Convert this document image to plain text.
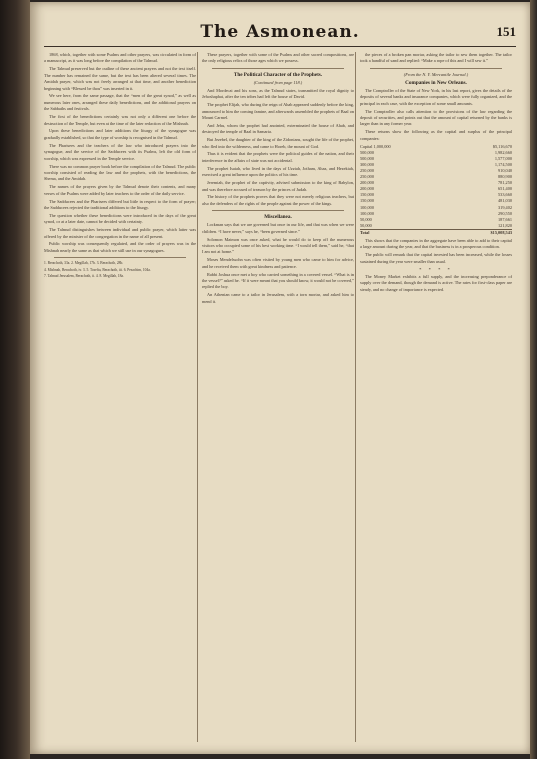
The Asmonean.	151

1868, which, together with some Psalms and other prayers, was circulated in form of a manuscript, as it was long before the compilation of the Talmud.

The Talmud preserved but the outline of these ancient prayers and not the text itself. The number has remained the same, but the text has been altered several times. The Amidah prayer, which was not freely arranged at that time, and another benediction beginning with “Blessed be thou” was inserted in it.

We see here, from the same passage, that the “men of the great synod,” as well as numerous later ones, arranged these daily benedictions, and the additional prayers on the Sabbaths and festivals.

The first of the benedictions certainly was not only a different one before the destruction of the Temple, but even at the time of the later redaction of the Mishnah.

Upon these benedictions and later additions the liturgy of the synagogue was gradually established, so that the type of worship is recognised in the Talmud.

The Pharisees and the teachers of the law who introduced prayers into the synagogue, and the service of the Sadducees with its Psalms, left the old form of worship, which was expressed in the Temple service.

There was no common prayer book before the compilation of the Talmud. The public worship consisted of reading the law and the prophets, with the benedictions, the Shema, and the Amidah.

The names of the prayers given by the Talmud denote their contents, and many verses of the Psalms were added by later teachers to the order of the daily service.

The Sadducees and the Pharisees differed but little in respect to the form of prayer; the Sadducees rejected the traditional additions to the liturgy.

The question whether these benedictions were introduced in the days of the great synod, or at a later date, cannot be decided with certainty.

The Talmud distinguishes between individual and public prayer, which latter was offered by the minister of the congregation in the name of all present.

Public worship was consequently regulated, and the order of prayers was in the Mishnah nearly the same as that which we still use in our synagogues.

1. Berachoth, 33a. 2. Megillah, 17b. 3. Berachoth, 28b.

4. Mishnah, Berachoth, iv. 3. 5. Tosefta, Berachoth, iii. 6. Pesachim, 104a.

7. Talmud Jerusalem, Berachoth, ii. 4. 8. Megillah, 18a.

These prayers, together with some of the Psalms and other sacred compositions, are the only religious relics of those ages which we possess.

The Political Character of the Prophets.
(Continued from page 118.)

And Mordecai and his sons, as the Talmud states, transmitted the royal dignity to Jehoshaphat, after the ten tribes had left the house of David.

The prophet Elijah, who during the reign of Ahab appeared suddenly before the king, announced to him the coming famine, and afterwards assembled the prophets of Baal on Mount Carmel.

And Jehu, whom the prophet had anointed, exterminated the house of Ahab, and destroyed the temple of Baal in Samaria.

But Jezebel, the daughter of the king of the Zidonians, sought the life of the prophet, who fled into the wilderness, and came to Horeb, the mount of God.

Thus it is evident that the prophets were the political guides of the nation, and their interference in the affairs of state was not accidental.

The prophet Isaiah, who lived in the days of Uzziah, Jotham, Ahaz, and Hezekiah, exercised a great influence upon the politics of his time.

Jeremiah, the prophet of the captivity, advised submission to the king of Babylon, and was therefore accused of treason by the princes of Judah.

The history of the prophets proves that they were not merely religious teachers, but also the defenders of the rights of the people against the power of the kings.

Miscellanea.

Lockman says that we are governed but once in our life, and that was when we were children. “I have never,” says he, “been governed since.”

Solomon Maimon was once asked, what he would do to keep off the numerous visitors who occupied some of his best working time. “I would tell them,” said he, “that I am not at home.”

Moses Mendelssohn was often visited by young men who came to him for advice, and he received them with great kindness and patience.

Rabbi Joshua once met a boy who carried something in a covered vessel. “What is in the vessel?” asked he. “If it were meant that you should know, it would not be covered,” replied the boy.

An Athenian came to a tailor in Jerusalem, with a torn mortar, and asked him to mend it.

the pieces of a broken pan mortar, asking the tailor to sew them together. The tailor took a handful of sand and replied: “Make a rope of this and I will sew it.”

(From the N. Y. Mercantile Journal.)
Companies in New Orleans.

The Comptroller of the State of New York, in his last report, gives the details of the deposits of several banks and insurance companies, which were fully organized, and the principal in each case, with the exception of some small amounts.

The Comptroller also calls attention to the provisions of the law regarding the deposit of securities, and points out that the amount of capital returned by the banks is larger than in any former year.

These returns show the following as the capital and surplus of the principal companies:

Capital 1,000,000	$5,116,670
500,000	1,982,660
500,000	1,577,000
300,000	1,174,500
250,000	910,040
250,000	880,900
200,000	781,250
200,000	651,400
150,000	533,660
150,000	481,030
100,000	319,402
100,000	290,550
50,000	187,661
50,000	121,820
Total	$15,008,543

This shows that the companies in the aggregate have been able to add to their capital a large amount during the year, and that the business is in a prosperous condition.

The public will remark that the capital invested has been increased, while the losses sustained during the year were smaller than usual.

* * * *

The Money Market exhibits a full supply, and the increasing preponderance of supply over the demand, though the demand is active. The rates for first-class paper are steady, and no change of importance is expected.
